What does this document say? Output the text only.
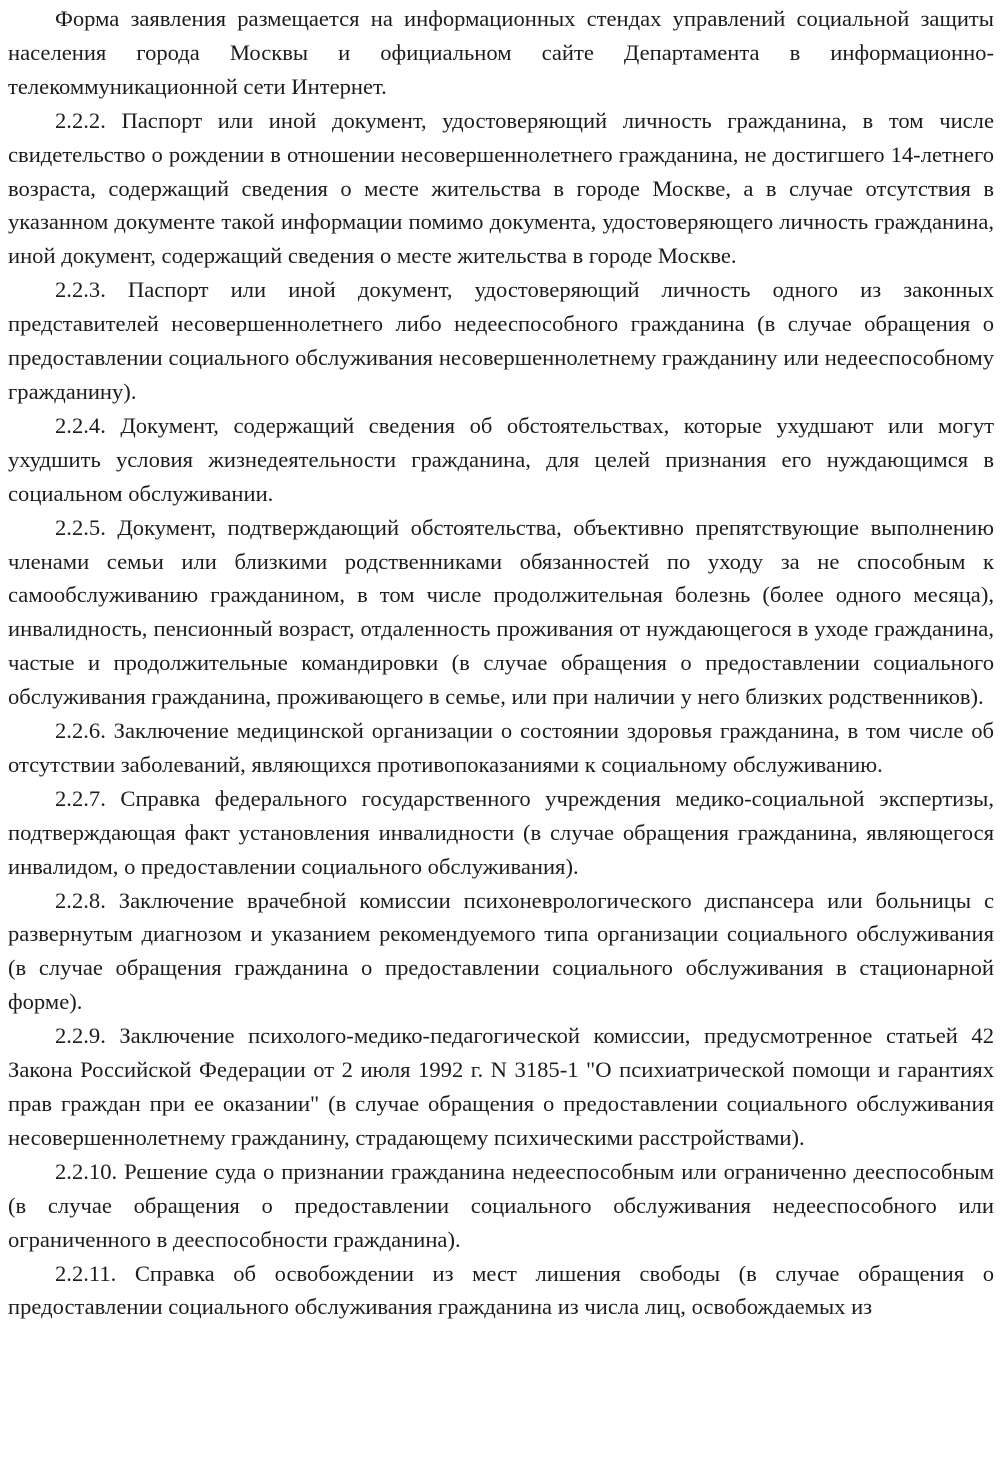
Форма заявления размещается на информационных стендах управлений социальной защиты населения города Москвы и официальном сайте Департамента в информационно-телекоммуникационной сети Интернет.

2.2.2. Паспорт или иной документ, удостоверяющий личность гражданина, в том числе свидетельство о рождении в отношении несовершеннолетнего гражданина, не достигшего 14-летнего возраста, содержащий сведения о месте жительства в городе Москве, а в случае отсутствия в указанном документе такой информации помимо документа, удостоверяющего личность гражданина, иной документ, содержащий сведения о месте жительства в городе Москве.

2.2.3. Паспорт или иной документ, удостоверяющий личность одного из законных представителей несовершеннолетнего либо недееспособного гражданина (в случае обращения о предоставлении социального обслуживания несовершеннолетнему гражданину или недееспособному гражданину).

2.2.4. Документ, содержащий сведения об обстоятельствах, которые ухудшают или могут ухудшить условия жизнедеятельности гражданина, для целей признания его нуждающимся в социальном обслуживании.

2.2.5. Документ, подтверждающий обстоятельства, объективно препятствующие выполнению членами семьи или близкими родственниками обязанностей по уходу за не способным к самообслуживанию гражданином, в том числе продолжительная болезнь (более одного месяца), инвалидность, пенсионный возраст, отдаленность проживания от нуждающегося в уходе гражданина, частые и продолжительные командировки (в случае обращения о предоставлении социального обслуживания гражданина, проживающего в семье, или при наличии у него близких родственников).

2.2.6. Заключение медицинской организации о состоянии здоровья гражданина, в том числе об отсутствии заболеваний, являющихся противопоказаниями к социальному обслуживанию.

2.2.7. Справка федерального государственного учреждения медико-социальной экспертизы, подтверждающая факт установления инвалидности (в случае обращения гражданина, являющегося инвалидом, о предоставлении социального обслуживания).

2.2.8. Заключение врачебной комиссии психоневрологического диспансера или больницы с развернутым диагнозом и указанием рекомендуемого типа организации социального обслуживания (в случае обращения гражданина о предоставлении социального обслуживания в стационарной форме).

2.2.9. Заключение психолого-медико-педагогической комиссии, предусмотренное статьей 42 Закона Российской Федерации от 2 июля 1992 г. N 3185-1 "О психиатрической помощи и гарантиях прав граждан при ее оказании" (в случае обращения о предоставлении социального обслуживания несовершеннолетнему гражданину, страдающему психическими расстройствами).

2.2.10. Решение суда о признании гражданина недееспособным или ограниченно дееспособным (в случае обращения о предоставлении социального обслуживания недееспособного или ограниченного в дееспособности гражданина).

2.2.11. Справка об освобождении из мест лишения свободы (в случае обращения о предоставлении социального обслуживания гражданина из числа лиц, освобождаемых из
